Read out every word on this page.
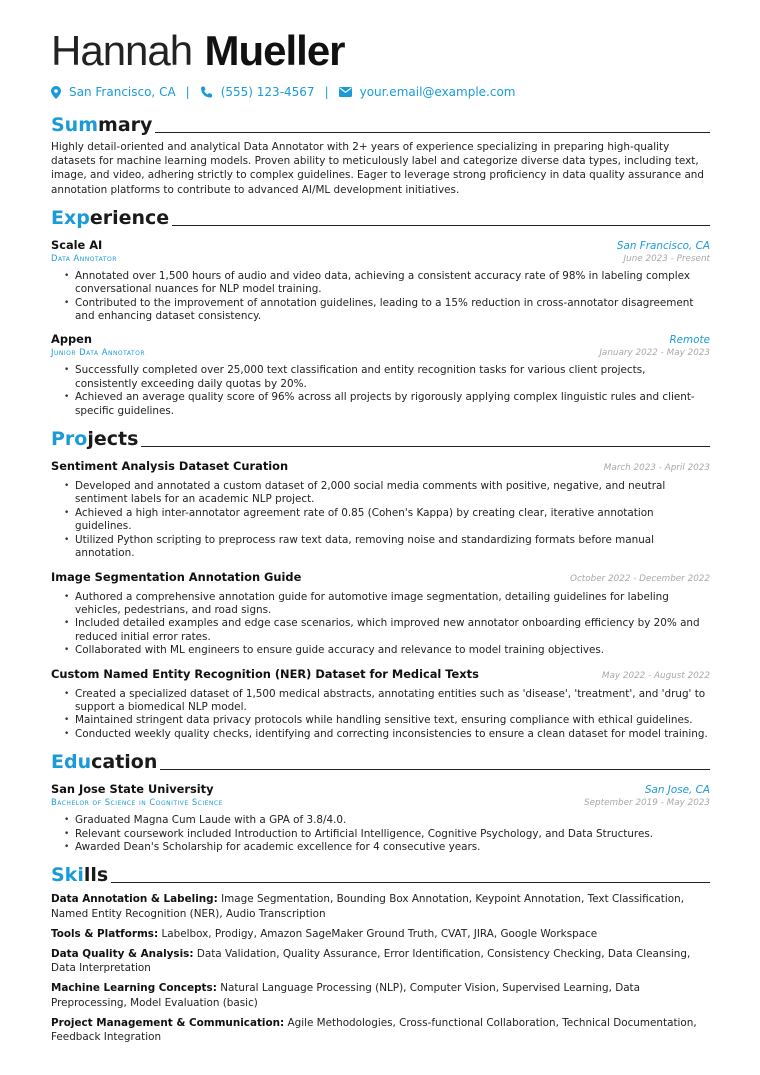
Hannah Mueller
San Francisco, CA |	(555) 123-4567 |	your.email@example.com
Summary

Highly detail-oriented and analytical Data Annotator with 2+ years of experience specializing in preparing high-quality datasets for machine learning models. Proven ability to meticulously label and categorize diverse data types, including text, image, and video, adhering strictly to complex guidelines. Eager to leverage strong proficiency in data quality assurance and annotation platforms to contribute to advanced AI/ML development initiatives.

Experience
Scale AI	San Francisco, CA
Data Annotator	June 2023 - Present
• Annotated over 1,500 hours of audio and video data, achieving a consistent accuracy rate of 98% in labeling complex conversational nuances for NLP model training.
• Contributed to the improvement of annotation guidelines, leading to a 15% reduction in cross-annotator disagreement and enhancing dataset consistency.
Appen	Remote
Junior Data Annotator	January 2022 - May 2023
• Successfully completed over 25,000 text classification and entity recognition tasks for various client projects, consistently exceeding daily quotas by 20%.
• Achieved an average quality score of 96% across all projects by rigorously applying complex linguistic rules and client-specific guidelines.
Projects
Sentiment Analysis Dataset Curation	March 2023 - April 2023
• Developed and annotated a custom dataset of 2,000 social media comments with positive, negative, and neutral sentiment labels for an academic NLP project.
• Achieved a high inter-annotator agreement rate of 0.85 (Cohen's Kappa) by creating clear, iterative annotation guidelines.
• Utilized Python scripting to preprocess raw text data, removing noise and standardizing formats before manual annotation.
Image Segmentation Annotation Guide	October 2022 - December 2022
• Authored a comprehensive annotation guide for automotive image segmentation, detailing guidelines for labeling vehicles, pedestrians, and road signs.
• Included detailed examples and edge case scenarios, which improved new annotator onboarding efficiency by 20% and reduced initial error rates.
• Collaborated with ML engineers to ensure guide accuracy and relevance to model training objectives.
Custom Named Entity Recognition (NER) Dataset for Medical Texts	May 2022 - August 2022
• Created a specialized dataset of 1,500 medical abstracts, annotating entities such as 'disease', 'treatment', and 'drug' to support a biomedical NLP model.
• Maintained stringent data privacy protocols while handling sensitive text, ensuring compliance with ethical guidelines.
• Conducted weekly quality checks, identifying and correcting inconsistencies to ensure a clean dataset for model training.
Education
San Jose State University	San Jose, CA
Bachelor of Science in Cognitive Science	September 2019 - May 2023
• Graduated Magna Cum Laude with a GPA of 3.8/4.0.
• Relevant coursework included Introduction to Artificial Intelligence, Cognitive Psychology, and Data Structures.
• Awarded Dean's Scholarship for academic excellence for 4 consecutive years.
Skills

Data Annotation & Labeling: Image Segmentation, Bounding Box Annotation, Keypoint Annotation, Text Classification, Named Entity Recognition (NER), Audio Transcription

Tools & Platforms: Labelbox, Prodigy, Amazon SageMaker Ground Truth, CVAT, JIRA, Google Workspace

Data Quality & Analysis: Data Validation, Quality Assurance, Error Identification, Consistency Checking, Data Cleansing, Data Interpretation

Machine Learning Concepts: Natural Language Processing (NLP), Computer Vision, Supervised Learning, Data Preprocessing, Model Evaluation (basic)

Project Management & Communication: Agile Methodologies, Cross-functional Collaboration, Technical Documentation, Feedback Integration
